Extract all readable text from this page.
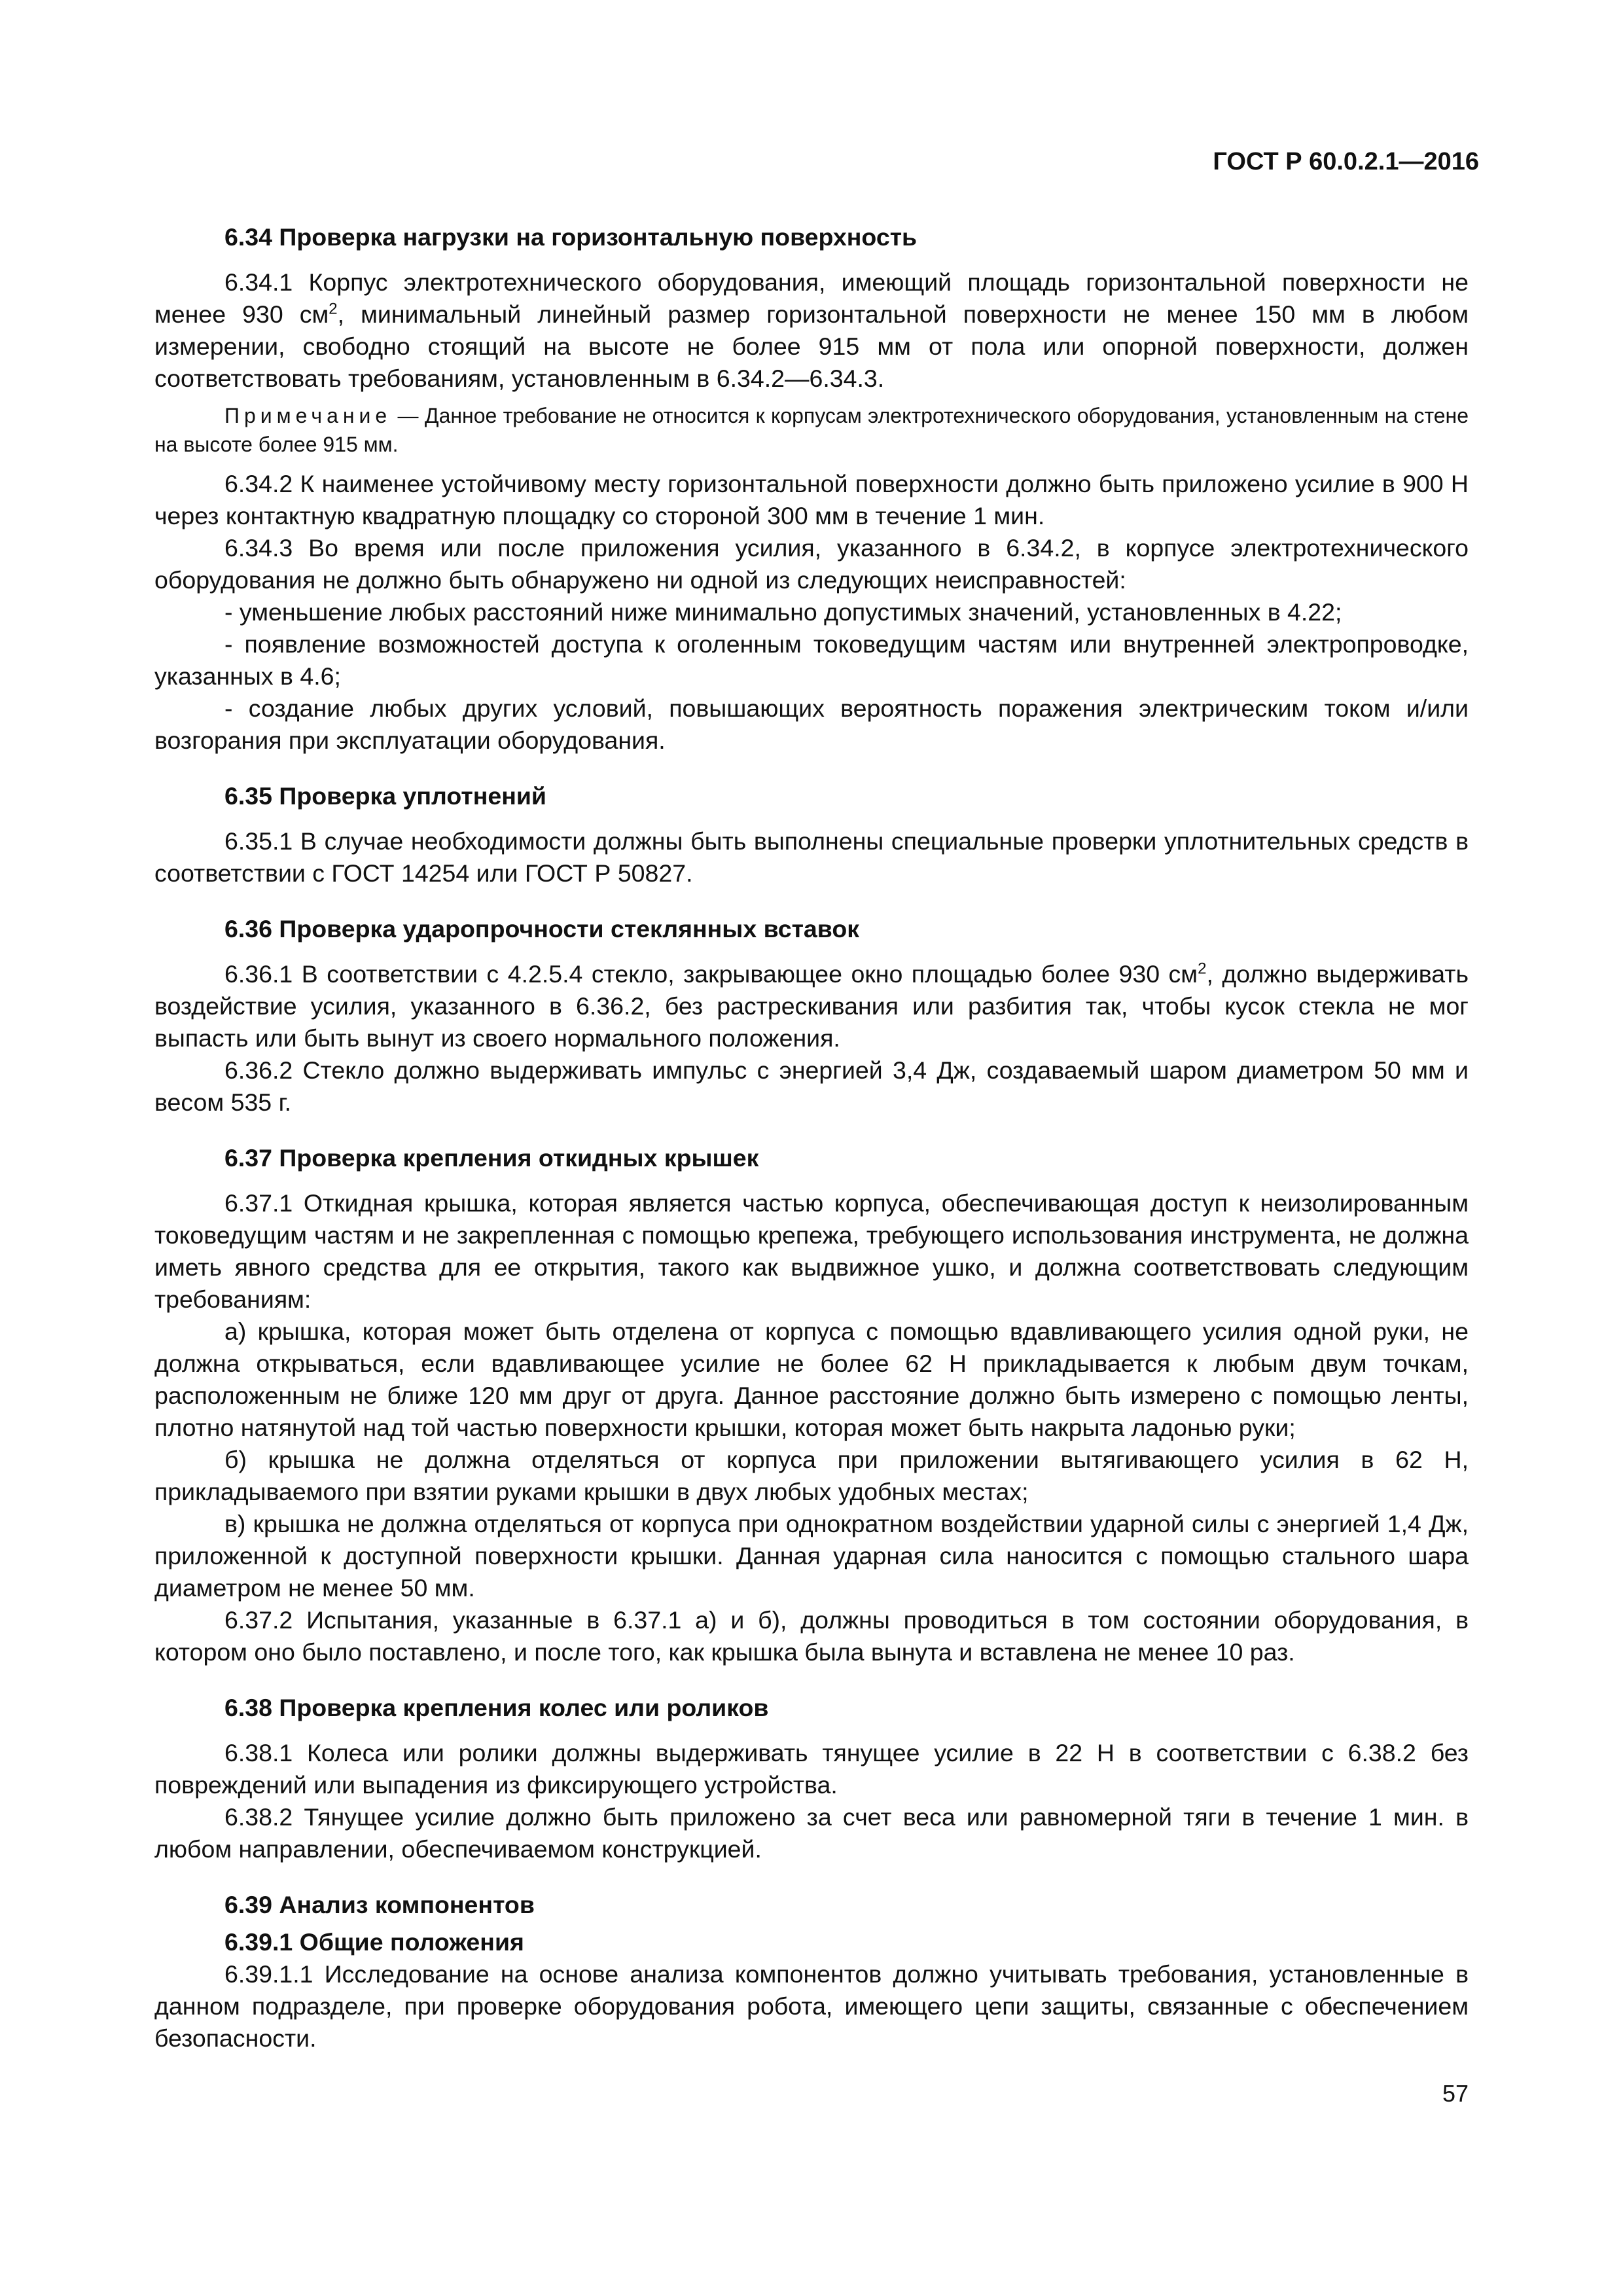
ГОСТ Р 60.0.2.1—2016
6.34 Проверка нагрузки на горизонтальную поверхность

6.34.1 Корпус электротехнического оборудования, имеющий площадь горизонтальной поверхности не менее 930 $см^2$, минимальный линейный размер горизонтальной поверхности не менее 150 мм в любом измерении, свободно стоящий на высоте не более 915 мм от пола или опорной поверхности, должен соответствовать требованиям, установленным в 6.34.2—6.34.3.

Примечание — Данное требование не относится к корпусам электротехнического оборудования, установленным на стене на высоте более 915 мм.

6.34.2 К наименее устойчивому месту горизонтальной поверхности должно быть приложено усилие в 900 Н через контактную квадратную площадку со стороной 300 мм в течение 1 мин.

6.34.3 Во время или после приложения усилия, указанного в 6.34.2, в корпусе электротехнического оборудования не должно быть обнаружено ни одной из следующих неисправностей:

- уменьшение любых расстояний ниже минимально допустимых значений, установленных в 4.22;

- появление возможностей доступа к оголенным токоведущим частям или внутренней электропроводке, указанных в 4.6;

- создание любых других условий, повышающих вероятность поражения электрическим током и/или возгорания при эксплуатации оборудования.

6.35 Проверка уплотнений

6.35.1 В случае необходимости должны быть выполнены специальные проверки уплотнительных средств в соответствии с ГОСТ 14254 или ГОСТ Р 50827.

6.36 Проверка ударопрочности стеклянных вставок

6.36.1 В соответствии с 4.2.5.4 стекло, закрывающее окно площадью более 930 $см^2$, должно выдерживать воздействие усилия, указанного в 6.36.2, без растрескивания или разбития так, чтобы кусок стекла не мог выпасть или быть вынут из своего нормального положения.

6.36.2 Стекло должно выдерживать импульс с энергией 3,4 Дж, создаваемый шаром диаметром 50 мм и весом 535 г.

6.37 Проверка крепления откидных крышек

6.37.1 Откидная крышка, которая является частью корпуса, обеспечивающая доступ к неизолированным токоведущим частям и не закрепленная с помощью крепежа, требующего использования инструмента, не должна иметь явного средства для ее открытия, такого как выдвижное ушко, и должна соответствовать следующим требованиям:

а) крышка, которая может быть отделена от корпуса с помощью вдавливающего усилия одной руки, не должна открываться, если вдавливающее усилие не более 62 Н прикладывается к любым двум точкам, расположенным не ближе 120 мм друг от друга. Данное расстояние должно быть измерено с помощью ленты, плотно натянутой над той частью поверхности крышки, которая может быть накрыта ладонью руки;

б) крышка не должна отделяться от корпуса при приложении вытягивающего усилия в 62 Н, прикладываемого при взятии руками крышки в двух любых удобных местах;

в) крышка не должна отделяться от корпуса при однократном воздействии ударной силы с энергией 1,4 Дж, приложенной к доступной поверхности крышки. Данная ударная сила наносится с помощью стального шара диаметром не менее 50 мм.

6.37.2 Испытания, указанные в 6.37.1 а) и б), должны проводиться в том состоянии оборудования, в котором оно было поставлено, и после того, как крышка была вынута и вставлена не менее 10 раз.

6.38 Проверка крепления колес или роликов

6.38.1 Колеса или ролики должны выдерживать тянущее усилие в 22 Н в соответствии с 6.38.2 без повреждений или выпадения из фиксирующего устройства.

6.38.2 Тянущее усилие должно быть приложено за счет веса или равномерной тяги в течение 1 мин. в любом направлении, обеспечиваемом конструкцией.

6.39 Анализ компонентов
6.39.1 Общие положения

6.39.1.1 Исследование на основе анализа компонентов должно учитывать требования, установленные в данном подразделе, при проверке оборудования робота, имеющего цепи защиты, связанные с обеспечением безопасности.

57
